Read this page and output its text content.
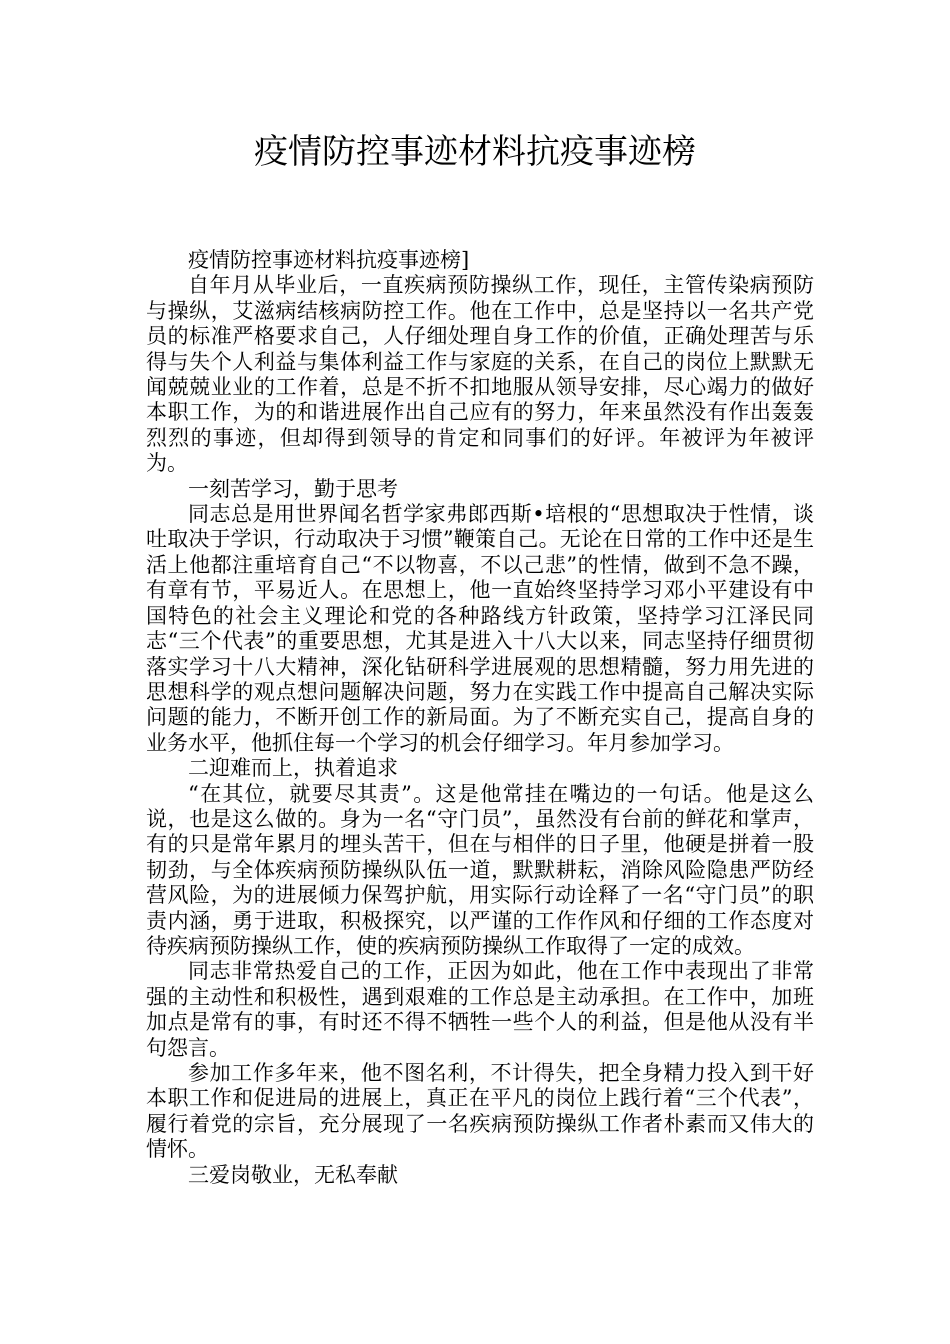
疫情防控事迹材料抗疫事迹榜

疫情防控事迹材料抗疫事迹榜]

自年月从毕业后，一直疾病预防操纵工作，现任，主管传染病预防与操纵，艾滋病结核病防控工作。他在工作中，总是坚持以一名共产党员的标准严格要求自己，人仔细处理自身工作的价值，正确处理苦与乐得与失个人利益与集体利益工作与家庭的关系，在自己的岗位上默默无闻兢兢业业的工作着，总是不折不扣地服从领导安排，尽心竭力的做好本职工作，为的和谐进展作出自己应有的努力，年来虽然没有作出轰轰烈烈的事迹，但却得到领导的肯定和同事们的好评。年被评为年被评为。

一刻苦学习，勤于思考

同志总是用世界闻名哲学家弗郎西斯•培根的“思想取决于性情，谈吐取决于学识，行动取决于习惯”鞭策自己。无论在日常的工作中还是生活上他都注重培育自己“不以物喜，不以己悲”的性情，做到不急不躁，有章有节，平易近人。在思想上，他一直始终坚持学习邓小平建设有中国特色的社会主义理论和党的各种路线方针政策，坚持学习江泽民同志“三个代表”的重要思想，尤其是进入十八大以来，同志坚持仔细贯彻落实学习十八大精神，深化钻研科学进展观的思想精髓，努力用先进的思想科学的观点想问题解决问题，努力在实践工作中提高自己解决实际问题的能力，不断开创工作的新局面。为了不断充实自己，提高自身的业务水平，他抓住每一个学习的机会仔细学习。年月参加学习。

二迎难而上，执着追求

“在其位，就要尽其责”。这是他常挂在嘴边的一句话。他是这么说，也是这么做的。身为一名“守门员”，虽然没有台前的鲜花和掌声，有的只是常年累月的埋头苦干，但在与相伴的日子里，他硬是拼着一股韧劲，与全体疾病预防操纵队伍一道，默默耕耘，消除风险隐患严防经营风险，为的进展倾力保驾护航，用实际行动诠释了一名“守门员”的职责内涵，勇于进取，积极探究，以严谨的工作作风和仔细的工作态度对待疾病预防操纵工作，使的疾病预防操纵工作取得了一定的成效。

同志非常热爱自己的工作，正因为如此，他在工作中表现出了非常强的主动性和积极性，遇到艰难的工作总是主动承担。在工作中，加班加点是常有的事，有时还不得不牺牲一些个人的利益，但是他从没有半句怨言。

参加工作多年来，他不图名利，不计得失，把全身精力投入到干好本职工作和促进局的进展上，真正在平凡的岗位上践行着“三个代表”，履行着党的宗旨，充分展现了一名疾病预防操纵工作者朴素而又伟大的情怀。

三爱岗敬业，无私奉献
